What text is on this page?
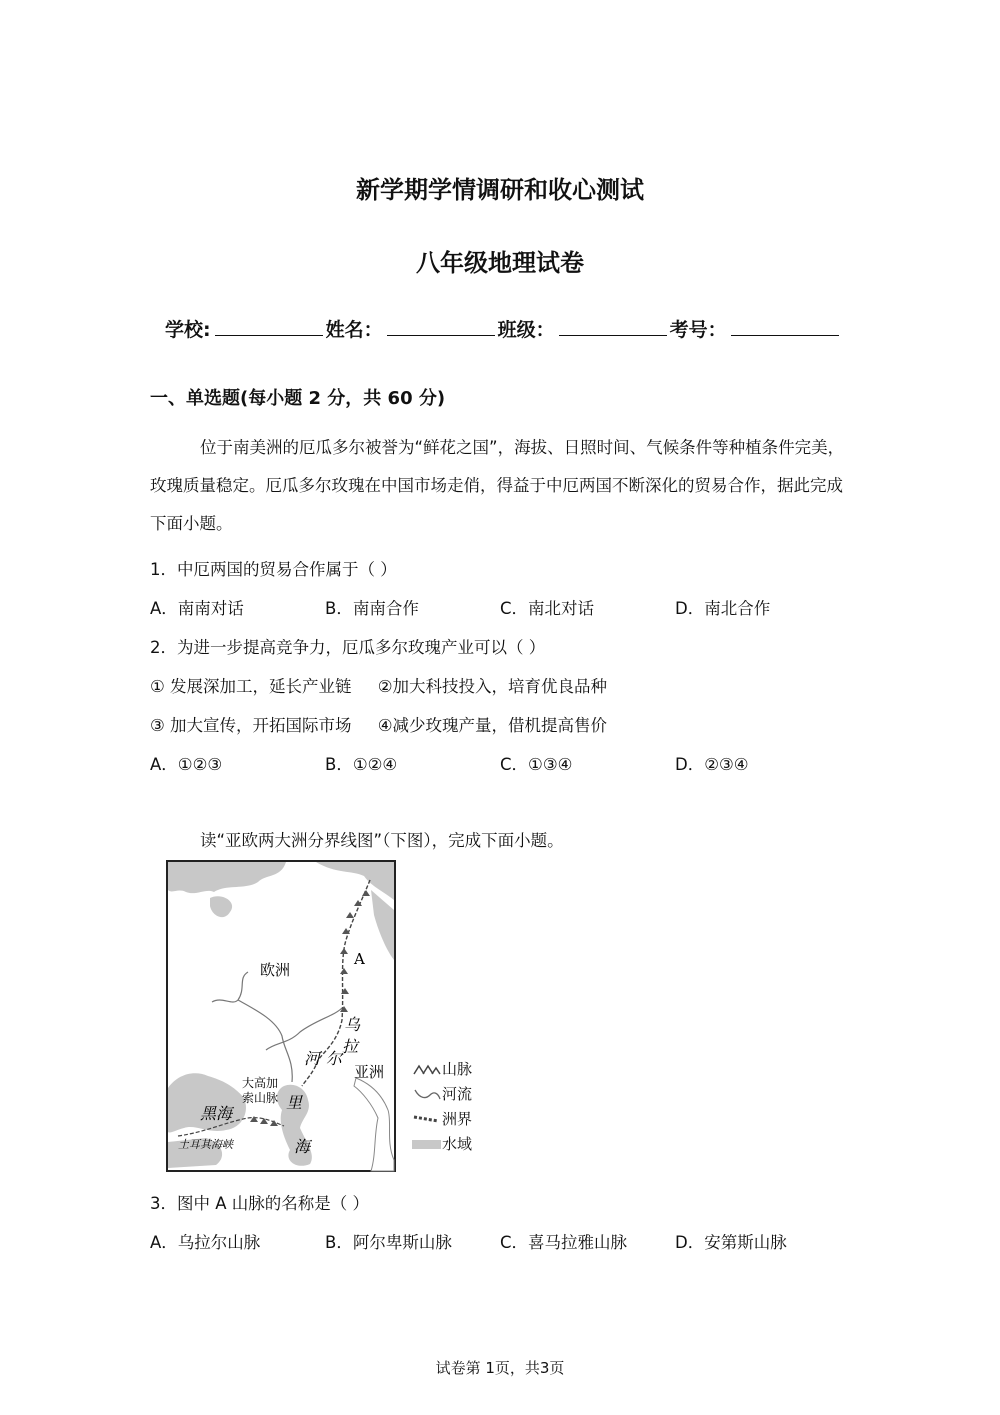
新学期学情调研和收心测试
八年级地理试卷
学校:	姓名：	班级：	考号：
一、单选题(每小题 2 分，共 60 分)
位于南美洲的厄瓜多尔被誉为“鲜花之国”，海拔、日照时间、气候条件等种植条件完美，玫瑰质量稳定。厄瓜多尔玫瑰在中国市场走俏，得益于中厄两国不断深化的贸易合作，据此完成下面小题。
1．中厄两国的贸易合作属于（ ）
A．南南对话	B．南南合作	C．南北对话	D．南北合作
2．为进一步提高竞争力，厄瓜多尔玫瑰产业可以（ ）
① 发展深加工，延长产业链     ②加大科技投入，培育优良品种
③ 加大宣传，开拓国际市场     ④减少玫瑰产量，借机提高售价
A．①②③	B．①②④	C．①③④	D．②③④
读“亚欧两大洲分界线图”（下图），完成下面小题。
欧洲
亚洲
A
乌
拉
河 尔
大高加
索山脉
黑海
里
海
土耳其海峡
山脉
河流
洲界
水域
3．图中 A 山脉的名称是（ ）
A．乌拉尔山脉	B．阿尔卑斯山脉	C．喜马拉雅山脉	D．安第斯山脉
试卷第 1页，共3页
